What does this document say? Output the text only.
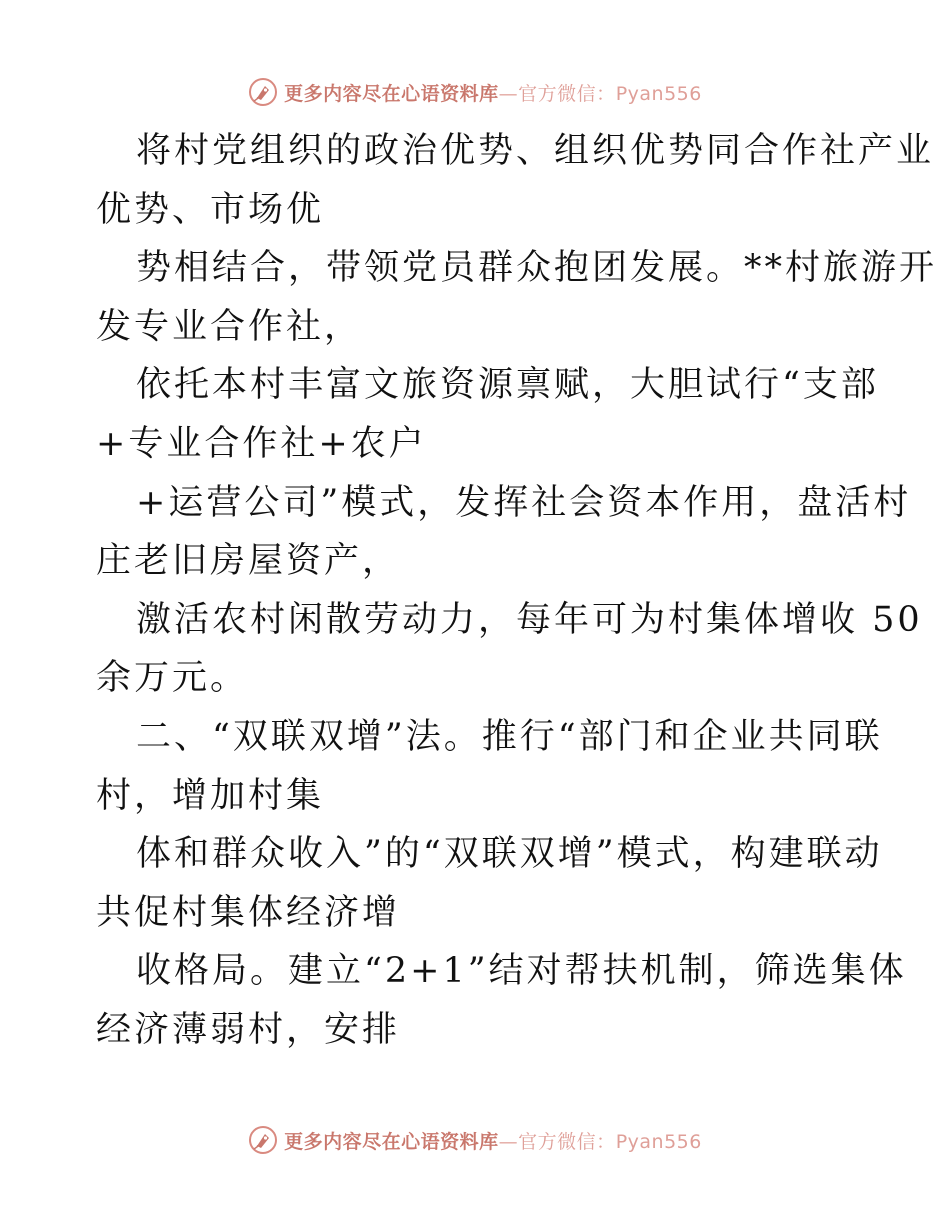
更多内容尽在心语资料库—官方微信：Pyan556
将村党组织的政治优势、组织优势同合作社产业
优势、市场优
势相结合，带领党员群众抱团发展。**村旅游开
发专业合作社，
依托本村丰富文旅资源禀赋，大胆试行“支部
+专业合作社+农户
+运营公司”模式，发挥社会资本作用，盘活村
庄老旧房屋资产，
激活农村闲散劳动力，每年可为村集体增收 50
余万元。
二、“双联双增”法。推行“部门和企业共同联
村，增加村集
体和群众收入”的“双联双增”模式，构建联动
共促村集体经济增
收格局。建立“2+1”结对帮扶机制，筛选集体
经济薄弱村，安排
更多内容尽在心语资料库—官方微信：Pyan556
